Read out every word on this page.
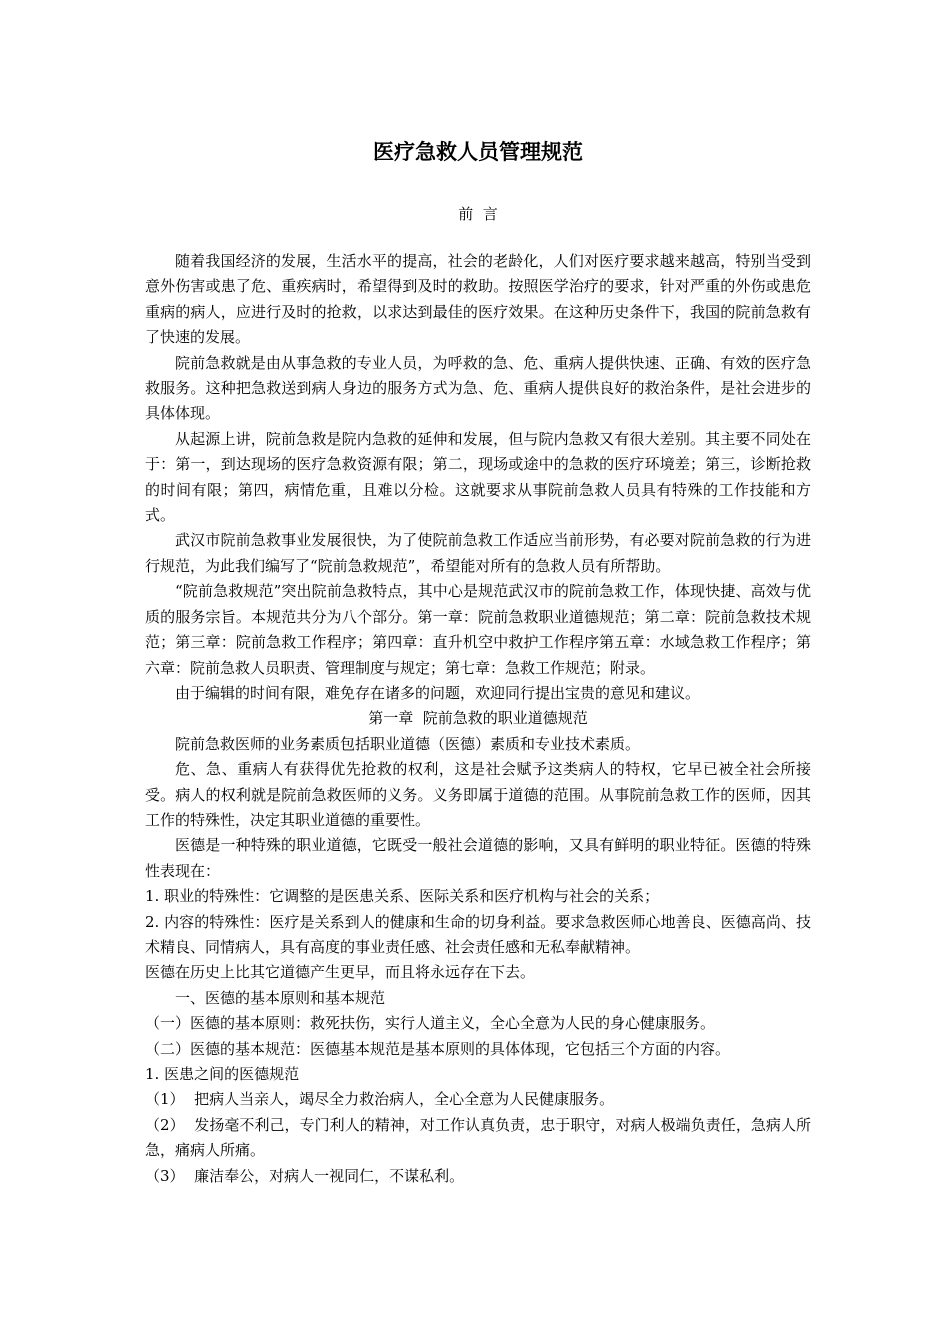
医疗急救人员管理规范
前  言

随着我国经济的发展，生活水平的提高，社会的老龄化，人们对医疗要求越来越高，特别当受到意外伤害或患了危、重疾病时，希望得到及时的救助。按照医学治疗的要求，针对严重的外伤或患危重病的病人，应进行及时的抢救，以求达到最佳的医疗效果。在这种历史条件下，我国的院前急救有了快速的发展。

院前急救就是由从事急救的专业人员，为呼救的急、危、重病人提供快速、正确、有效的医疗急救服务。这种把急救送到病人身边的服务方式为急、危、重病人提供良好的救治条件，是社会进步的具体体现。

从起源上讲，院前急救是院内急救的延伸和发展，但与院内急救又有很大差别。其主要不同处在于：第一，到达现场的医疗急救资源有限；第二，现场或途中的急救的医疗环境差；第三，诊断抢救的时间有限；第四，病情危重，且难以分检。这就要求从事院前急救人员具有特殊的工作技能和方式。

武汉市院前急救事业发展很快，为了使院前急救工作适应当前形势，有必要对院前急救的行为进行规范，为此我们编写了“院前急救规范”，希望能对所有的急救人员有所帮助。

“院前急救规范”突出院前急救特点，其中心是规范武汉市的院前急救工作，体现快捷、高效与优质的服务宗旨。本规范共分为八个部分。第一章：院前急救职业道德规范；第二章：院前急救技术规范；第三章：院前急救工作程序；第四章：直升机空中救护工作程序第五章：水域急救工作程序；第六章：院前急救人员职责、管理制度与规定；第七章：急救工作规范；附录。

由于编辑的时间有限，难免存在诸多的问题，欢迎同行提出宝贵的意见和建议。

第一章  院前急救的职业道德规范

院前急救医师的业务素质包括职业道德（医德）素质和专业技术素质。

危、急、重病人有获得优先抢救的权利，这是社会赋予这类病人的特权，它早已被全社会所接受。病人的权利就是院前急救医师的义务。义务即属于道德的范围。从事院前急救工作的医师，因其工作的特殊性，决定其职业道德的重要性。

医德是一种特殊的职业道德，它既受一般社会道德的影响，又具有鲜明的职业特征。医德的特殊性表现在：

1. 职业的特殊性：它调整的是医患关系、医际关系和医疗机构与社会的关系；

2. 内容的特殊性：医疗是关系到人的健康和生命的切身利益。要求急救医师心地善良、医德高尚、技术精良、同情病人，具有高度的事业责任感、社会责任感和无私奉献精神。

医德在历史上比其它道德产生更早，而且将永远存在下去。

一、医德的基本原则和基本规范

（一）医德的基本原则：救死扶伤，实行人道主义，全心全意为人民的身心健康服务。

（二）医德的基本规范：医德基本规范是基本原则的具体体现，它包括三个方面的内容。

1. 医患之间的医德规范

（1）  把病人当亲人，竭尽全力救治病人，全心全意为人民健康服务。

（2）  发扬毫不利己，专门利人的精神，对工作认真负责，忠于职守，对病人极端负责任，急病人所急，痛病人所痛。

（3）  廉洁奉公，对病人一视同仁，不谋私利。
